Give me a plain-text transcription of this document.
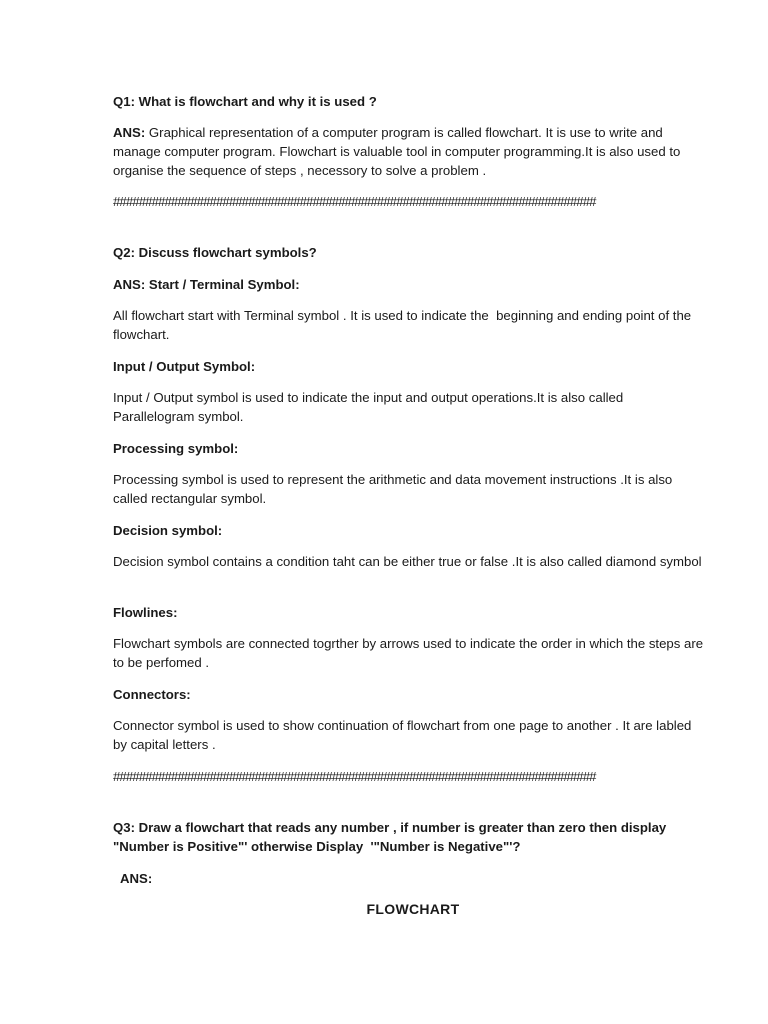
Q1: What is flowchart and why it is used ?

ANS: Graphical representation of a computer program is called flowchart. It is use to write and manage computer program. Flowchart is valuable tool in computer programming.It is also used to organise the sequence of steps , necessory to solve a problem .

###########################################################################

Q2: Discuss flowchart symbols?

ANS: Start / Terminal Symbol:

All flowchart start with Terminal symbol . It is used to indicate the  beginning and ending point of the flowchart.

Input / Output Symbol:

Input / Output symbol is used to indicate the input and output operations.It is also called Parallelogram symbol.

Processing symbol:

Processing symbol is used to represent the arithmetic and data movement instructions .It is also called rectangular symbol.

Decision symbol:

Decision symbol contains a condition taht can be either true or false .It is also called diamond symbol

Flowlines:

Flowchart symbols are connected togrther by arrows used to indicate the order in which the steps are to be perfomed .

Connectors:

Connector symbol is used to show continuation of flowchart from one page to another . It are labled by capital letters .

###########################################################################

Q3: Draw a flowchart that reads any number , if number is greater than zero then display "Number is Positive"' otherwise Display  '"Number is Negative"'?

ANS:

FLOWCHART
